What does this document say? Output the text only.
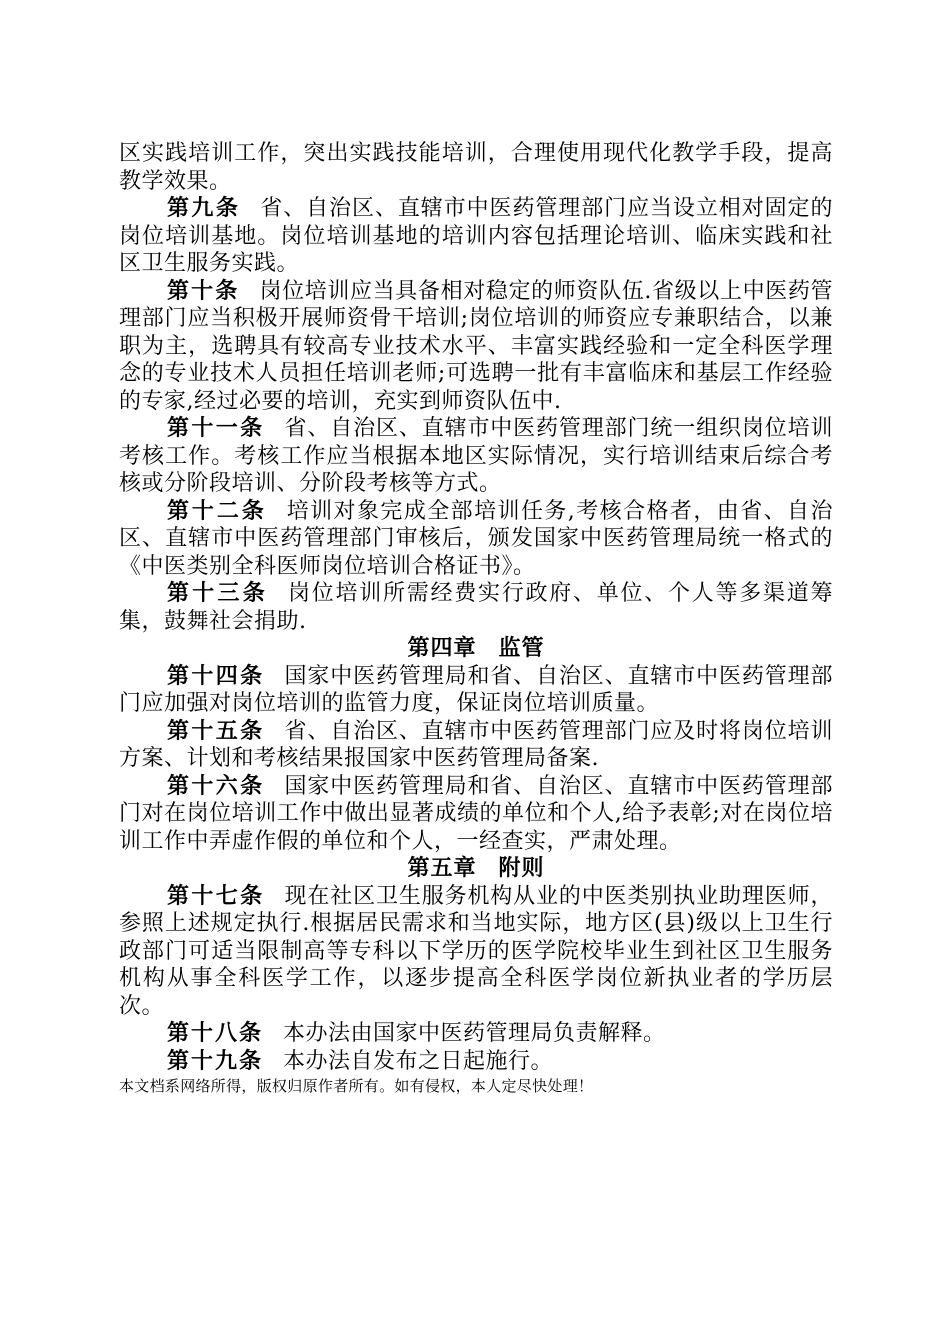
区实践培训工作，突出实践技能培训，合理使用现代化教学手段，提高教学效果。

第九条 省、自治区、直辖市中医药管理部门应当设立相对固定的岗位培训基地。岗位培训基地的培训内容包括理论培训、临床实践和社区卫生服务实践。

第十条 岗位培训应当具备相对稳定的师资队伍.省级以上中医药管理部门应当积极开展师资骨干培训;岗位培训的师资应专兼职结合，以兼职为主，选聘具有较高专业技术水平、丰富实践经验和一定全科医学理念的专业技术人员担任培训老师;可选聘一批有丰富临床和基层工作经验的专家,经过必要的培训，充实到师资队伍中.

第十一条 省、自治区、直辖市中医药管理部门统一组织岗位培训考核工作。考核工作应当根据本地区实际情况，实行培训结束后综合考核或分阶段培训、分阶段考核等方式。

第十二条 培训对象完成全部培训任务,考核合格者，由省、自治区、直辖市中医药管理部门审核后，颁发国家中医药管理局统一格式的《中医类别全科医师岗位培训合格证书》。

第十三条 岗位培训所需经费实行政府、单位、个人等多渠道筹集，鼓舞社会捐助.

第四章 监管

第十四条 国家中医药管理局和省、自治区、直辖市中医药管理部门应加强对岗位培训的监管力度，保证岗位培训质量。

第十五条 省、自治区、直辖市中医药管理部门应及时将岗位培训方案、计划和考核结果报国家中医药管理局备案.

第十六条 国家中医药管理局和省、自治区、直辖市中医药管理部门对在岗位培训工作中做出显著成绩的单位和个人,给予表彰;对在岗位培训工作中弄虚作假的单位和个人，一经查实，严肃处理。

第五章 附则

第十七条 现在社区卫生服务机构从业的中医类别执业助理医师，参照上述规定执行.根据居民需求和当地实际，地方区(县)级以上卫生行政部门可适当限制高等专科以下学历的医学院校毕业生到社区卫生服务机构从事全科医学工作，以逐步提高全科医学岗位新执业者的学历层次。

第十八条 本办法由国家中医药管理局负责解释。

第十九条 本办法自发布之日起施行。

本文档系网络所得，版权归原作者所有。如有侵权，本人定尽快处理！
